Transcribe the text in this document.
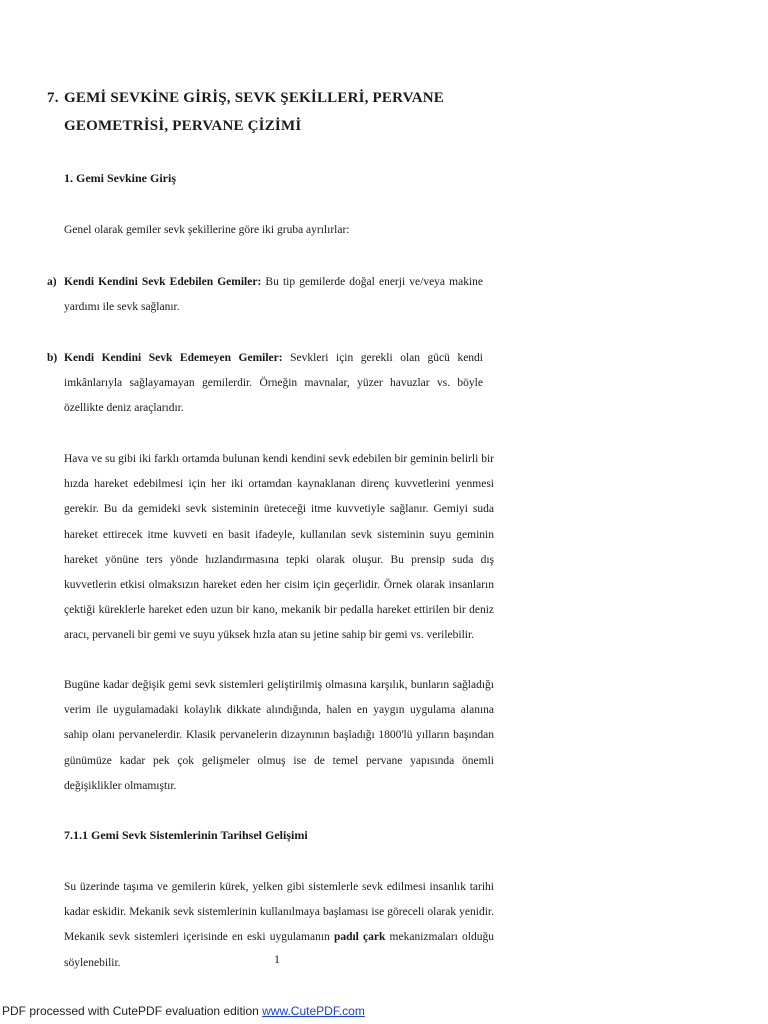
7. GEMİ SEVKİNE GİRİŞ, SEVK ŞEKİLLERİ, PERVANE GEOMETRİSİ, PERVANE ÇİZİMİ
1. Gemi Sevkine Giriş
Genel olarak gemiler sevk şekillerine göre iki gruba ayrılırlar:
a) Kendi Kendini Sevk Edebilen Gemiler: Bu tip gemilerde doğal enerji ve/veya makine yardımı ile sevk sağlanır.
b) Kendi Kendini Sevk Edemeyen Gemiler: Sevkleri için gerekli olan gücü kendi imkânlarıyla sağlayamayan gemilerdir. Örneğin mavnalar, yüzer havuzlar vs. böyle özellikte deniz araçlarıdır.
Hava ve su gibi iki farklı ortamda bulunan kendi kendini sevk edebilen bir geminin belirli bir hızda hareket edebilmesi için her iki ortamdan kaynaklanan direnç kuvvetlerini yenmesi gerekir. Bu da gemideki sevk sisteminin üreteceği itme kuvvetiyle sağlanır. Gemiyi suda hareket ettirecek itme kuvveti en basit ifadeyle, kullanılan sevk sisteminin suyu geminin hareket yönüne ters yönde hızlandırmasına tepki olarak oluşur. Bu prensip suda dış kuvvetlerin etkisi olmaksızın hareket eden her cisim için geçerlidir. Örnek olarak insanların çektiği küreklerle hareket eden uzun bir kano, mekanik bir pedalla hareket ettirilen bir deniz aracı, pervaneli bir gemi ve suyu yüksek hızla atan su jetine sahip bir gemi vs. verilebilir.
Bugüne kadar değişik gemi sevk sistemleri geliştirilmiş olmasına karşılık, bunların sağladığı verim ile uygulamadaki kolaylık dikkate alındığında, halen en yaygın uygulama alanına sahip olanı pervanelerdir. Klasik pervanelerin dizaynının başladığı 1800'lü yılların başından günümüze kadar pek çok gelişmeler olmuş ise de temel pervane yapısında önemli değişiklikler olmamıştır.
7.1.1 Gemi Sevk Sistemlerinin Tarihsel Gelişimi
Su üzerinde taşıma ve gemilerin kürek, yelken gibi sistemlerle sevk edilmesi insanlık tarihi kadar eskidir. Mekanik sevk sistemlerinin kullanılmaya başlaması ise göreceli olarak yenidir. Mekanik sevk sistemleri içerisinde en eski uygulamanın padıl çark mekanizmaları olduğu söylenebilir.	1
PDF processed with CutePDF evaluation edition www.CutePDF.com
